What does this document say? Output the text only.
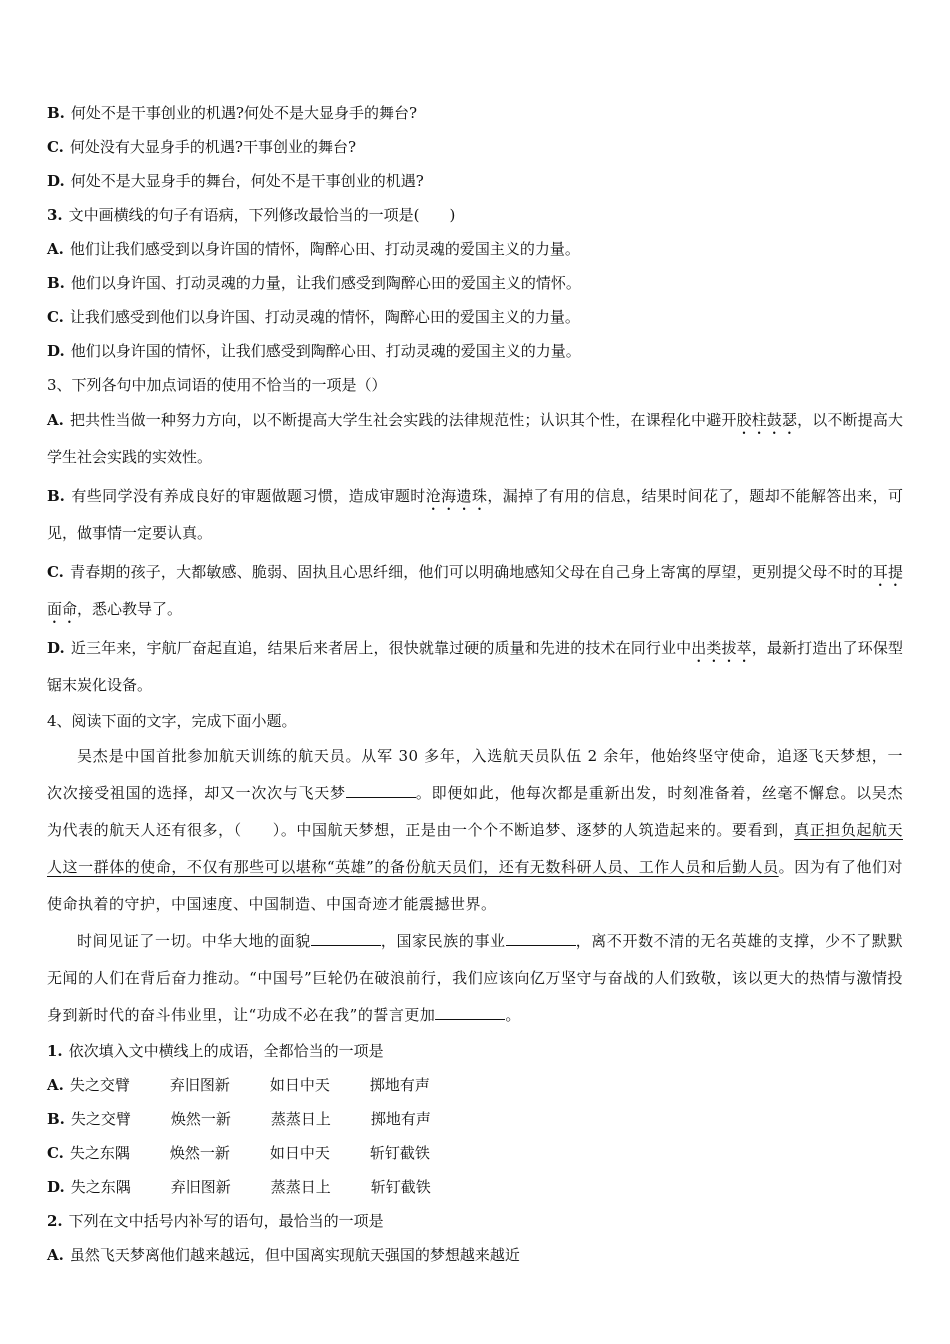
B. 何处不是干事创业的机遇?何处不是大显身手的舞台?
C. 何处没有大显身手的机遇?干事创业的舞台?
D. 何处不是大显身手的舞台，何处不是干事创业的机遇?
3. 文中画横线的句子有语病，下列修改最恰当的一项是(　　)
A. 他们让我们感受到以身许国的情怀，陶醉心田、打动灵魂的爱国主义的力量。
B. 他们以身许国、打动灵魂的力量，让我们感受到陶醉心田的爱国主义的情怀。
C. 让我们感受到他们以身许国、打动灵魂的情怀，陶醉心田的爱国主义的力量。
D. 他们以身许国的情怀，让我们感受到陶醉心田、打动灵魂的爱国主义的力量。
3、下列各句中加点词语的使用不恰当的一项是（）
A. 把共性当做一种努力方向，以不断提高大学生社会实践的法律规范性；认识其个性，在课程化中避开胶柱鼓瑟，以不断提高大学生社会实践的实效性。
B. 有些同学没有养成良好的审题做题习惯，造成审题时沧海遗珠，漏掉了有用的信息，结果时间花了，题却不能解答出来，可见，做事情一定要认真。
C. 青春期的孩子，大都敏感、脆弱、固执且心思纤细，他们可以明确地感知父母在自己身上寄寓的厚望，更别提父母不时的耳提面命，悉心教导了。
D. 近三年来，宇航厂奋起直追，结果后来者居上，很快就靠过硬的质量和先进的技术在同行业中出类拔萃，最新打造出了环保型锯末炭化设备。
4、阅读下面的文字，完成下面小题。
吴杰是中国首批参加航天训练的航天员。从军 30 多年，入选航天员队伍 2 余年，他始终坚守使命，追逐飞天梦想，一次次接受祖国的选择，却又一次次与飞天梦	。即便如此，他每次都是重新出发，时刻准备着，丝毫不懈怠。以吴杰为代表的航天人还有很多，（　　）。中国航天梦想，正是由一个个不断追梦、逐梦的人筑造起来的。要看到，真正担负起航天人这一群体的使命，不仅有那些可以堪称“英雄”的备份航天员们，还有无数科研人员、工作人员和后勤人员。因为有了他们对使命执着的守护，中国速度、中国制造、中国奇迹才能震撼世界。
时间见证了一切。中华大地的面貌	，国家民族的事业	，离不开数不清的无名英雄的支撑，少不了默默无闻的人们在背后奋力推动。“中国号”巨轮仍在破浪前行，我们应该向亿万坚守与奋战的人们致敬，该以更大的热情与激情投身到新时代的奋斗伟业里，让“功成不必在我”的誓言更加	。
1. 依次填入文中横线上的成语，全都恰当的一项是
A. 失之交臂	弃旧图新	如日中天	掷地有声
B. 失之交臂	焕然一新	蒸蒸日上	掷地有声
C. 失之东隅	焕然一新	如日中天	斩钉截铁
D. 失之东隅	弃旧图新	蒸蒸日上	斩钉截铁
2. 下列在文中括号内补写的语句，最恰当的一项是
A. 虽然飞天梦离他们越来越远，但中国离实现航天强国的梦想越来越近
